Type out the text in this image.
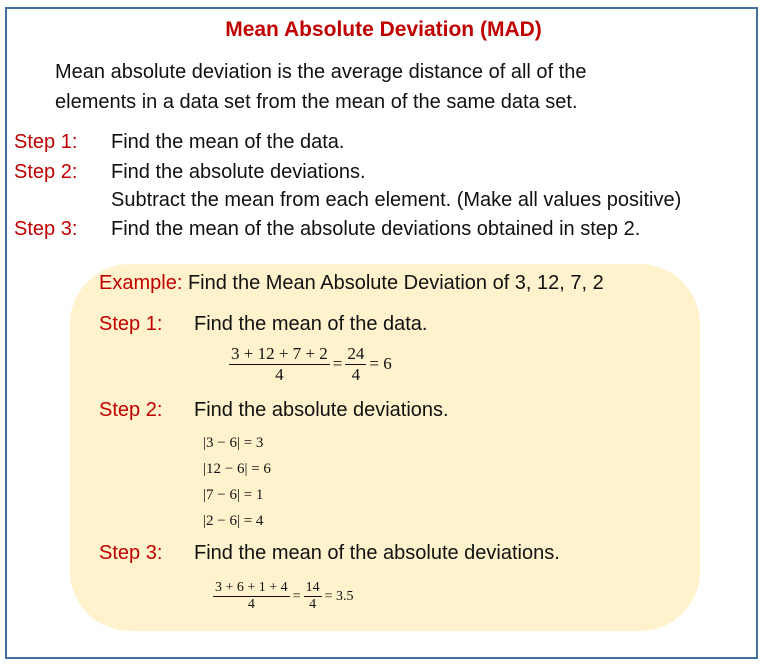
Mean Absolute Deviation (MAD)
Mean absolute deviation is the average distance of all of the
elements in a data set from the mean of the same data set.
Step 1: Find the mean of the data.
Step 2: Find the absolute deviations.
Subtract the mean from each element. (Make all values positive)
Step 3: Find the mean of the absolute deviations obtained in step 2.
Example: Find the Mean Absolute Deviation of 3, 12, 7, 2
Step 1: Find the mean of the data.
$\frac{3 + 12 + 7 + 2}{4} = \frac{24}{4} = 6$
Step 2: Find the absolute deviations.
|3 − 6| = 3
|12 − 6| = 6
|7 − 6| = 1
|2 − 6| = 4
Step 3: Find the mean of the absolute deviations.
$\frac{3 + 6 + 1 + 4}{4} = \frac{14}{4} = 3.5$
